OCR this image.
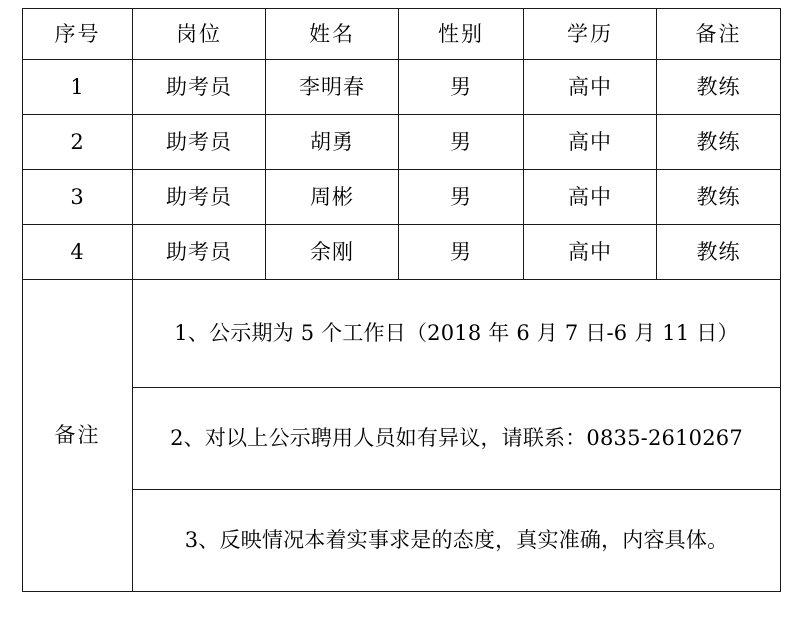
序号	岗位	姓名	性别	学历	备注
1	助考员	李明春	男	高中	教练
2	助考员	胡勇	男	高中	教练
3	助考员	周彬	男	高中	教练
4	助考员	余刚	男	高中	教练
备注	1、公示期为 5 个工作日（2018 年 6 月 7 日-6 月 11 日）				
	2、对以上公示聘用人员如有异议，请联系：0835-2610267				
	3、反映情况本着实事求是的态度，真实准确，内容具体。				
